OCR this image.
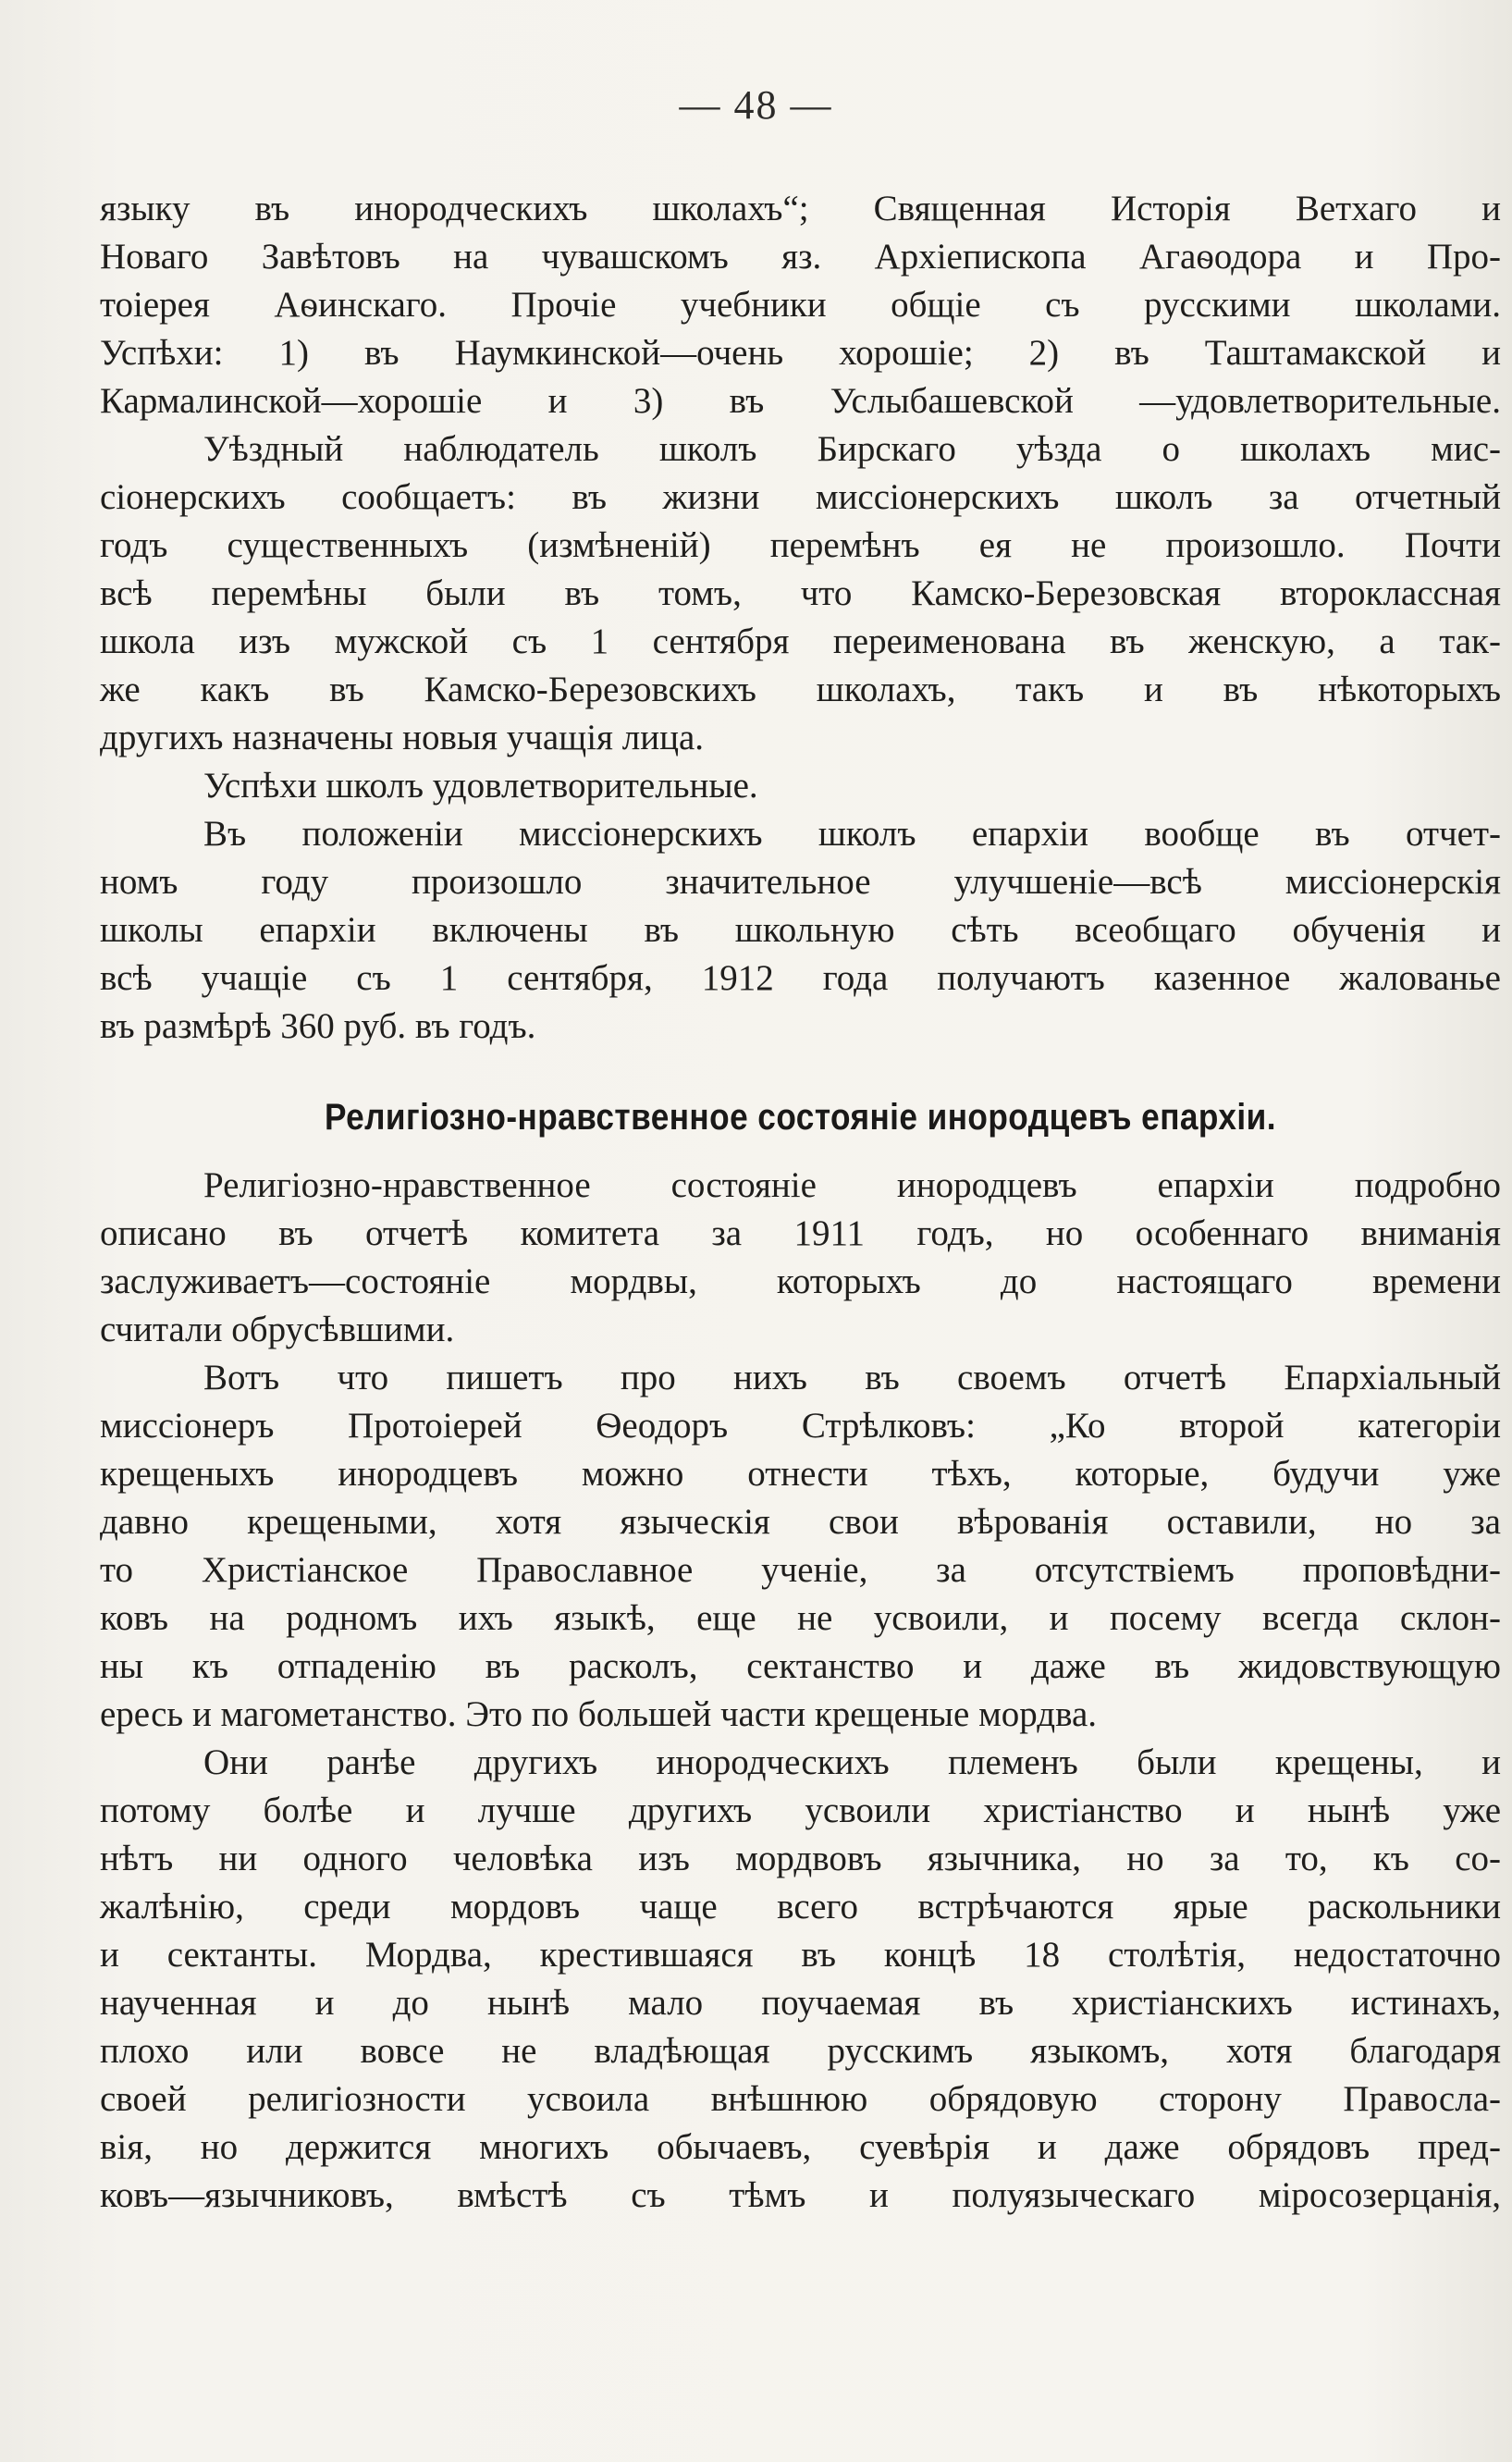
— 48 —
языку въ инородческихъ школахъ“; Священная Исторія Ветхаго и
Новаго Завѣтовъ на чувашскомъ яз. Архіепископа Агаѳодора и Про-
тоіерея Аѳинскаго. Прочіе учебники общіе съ русскими школами.
Успѣхи: 1) въ Наумкинской—очень хорошіе; 2) въ Таштамакской и
Кармалинской—хорошіе и 3) въ Услыбашевской —удовлетворительные.
Уѣздный наблюдатель школъ Бирскаго уѣзда о школахъ мис-
сіонерскихъ сообщаетъ: въ жизни миссіонерскихъ школъ за отчетный
годъ существенныхъ (измѣненій) перемѣнъ ея не произошло. Почти
всѣ перемѣны были въ томъ, что Камско-Березовская второклассная
школа изъ мужской съ 1 сентября переименована въ женскую, а так-
же какъ въ Камско-Березовскихъ школахъ, такъ и въ нѣкоторыхъ
другихъ назначены новыя учащія лица.
Успѣхи школъ удовлетворительные.
Въ положеніи миссіонерскихъ школъ епархіи вообще въ отчет-
номъ году произошло значительное улучшеніе—всѣ миссіонерскія
школы епархіи включены въ школьную сѣть всеобщаго обученія и
всѣ учащіе съ 1 сентября, 1912 года получаютъ казенное жалованье
въ размѣрѣ 360 руб. въ годъ.
Религіозно-нравственное состояніе инородцевъ епархіи.
Религіозно-нравственное состояніе инородцевъ епархіи подробно
описано въ отчетѣ комитета за 1911 годъ, но особеннаго вниманія
заслуживаетъ—состояніе мордвы, которыхъ до настоящаго времени
считали обрусѣвшими.
Вотъ что пишетъ про нихъ въ своемъ отчетѣ Епархіальный
миссіонеръ Протоіерей Ѳеодоръ Стрѣлковъ: „Ко второй категоріи
крещеныхъ инородцевъ можно отнести тѣхъ, которые, будучи уже
давно крещеными, хотя языческія свои вѣрованія оставили, но за
то Христіанское Православное ученіе, за отсутствіемъ проповѣдни-
ковъ на родномъ ихъ языкѣ, еще не усвоили, и посему всегда склон-
ны къ отпаденію въ расколъ, сектанство и даже въ жидовствующую
ересь и магометанство. Это по большей части крещеные мордва.
Они ранѣе другихъ инородческихъ племенъ были крещены, и
потому болѣе и лучше другихъ усвоили христіанство и нынѣ уже
нѣтъ ни одного человѣка изъ мордвовъ язычника, но за то, къ со-
жалѣнію, среди мордовъ чаще всего встрѣчаются ярые раскольники
и сектанты. Мордва, крестившаяся въ концѣ 18 столѣтія, недостаточно
наученная и до нынѣ мало поучаемая въ христіанскихъ истинахъ,
плохо или вовсе не владѣющая русскимъ языкомъ, хотя благодаря
своей религіозности усвоила внѣшнюю обрядовую сторону Правосла-
вія, но держится многихъ обычаевъ, суевѣрія и даже обрядовъ пред-
ковъ—язычниковъ, вмѣстѣ съ тѣмъ и полуязыческаго міросозерцанія,
